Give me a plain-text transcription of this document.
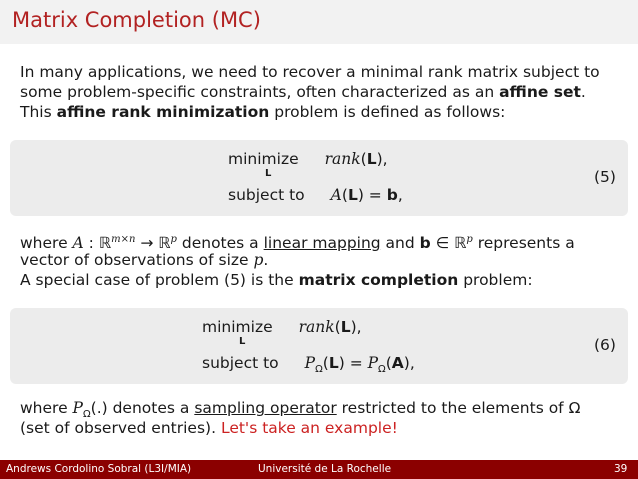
Matrix Completion (MC)
In many applications, we need to recover a minimal rank matrix subject to
some problem-specific constraints, often characterized as an affine set.
This affine rank minimization problem is defined as follows:
minimize rank(L),
L
subject to A(L) = b,
(5)
where A : ℝ$^{m\times n}$ → ℝ$^p$ denotes a linear mapping and b ∈ ℝ$^p$ represents a
vector of observations of size p.
A special case of problem (5) is the matrix completion problem:
minimize rank(L),
L
subject to $P_\Omega(L) = P_\Omega(A)$,
(6)
where $P_\Omega(.)$ denotes a sampling operator restricted to the elements of Ω
(set of observed entries). Let's take an example!
Andrews Cordolino Sobral (L3I/MIA)	Université de La Rochelle	39
